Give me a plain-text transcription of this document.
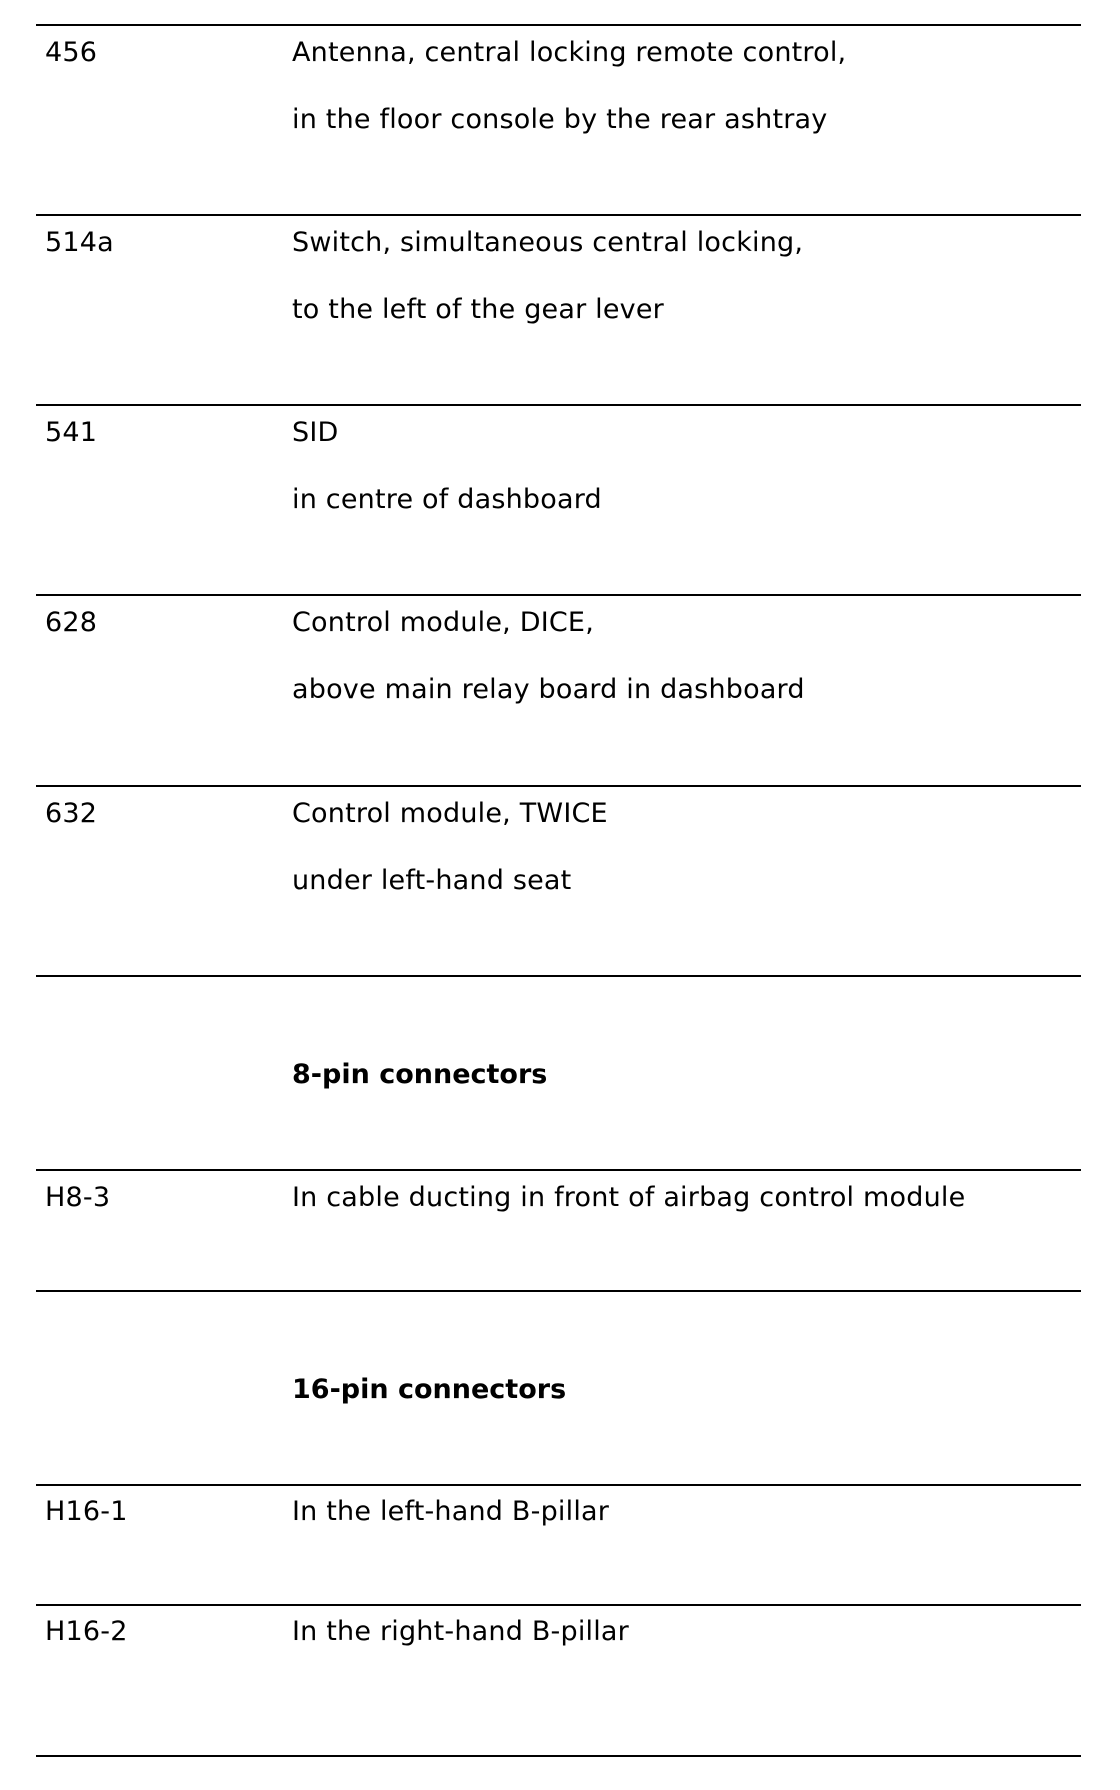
456	Antenna, central locking remote control,
in the floor console by the rear ashtray
514a	Switch, simultaneous central locking,
to the left of the gear lever
541	SID
in centre of dashboard
628	Control module, DICE,
above main relay board in dashboard
632	Control module, TWICE
under left-hand seat
8-pin connectors
H8-3	In cable ducting in front of airbag control module
16-pin connectors
H16-1	In the left-hand B-pillar
H16-2	In the right-hand B-pillar
